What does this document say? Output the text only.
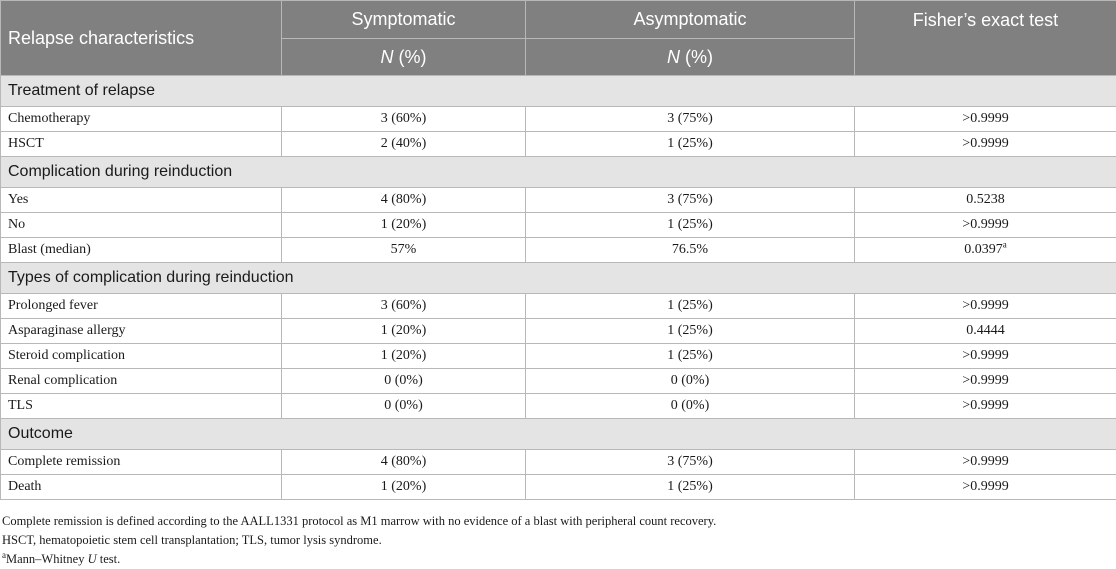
Relapse characteristics	Symptomatic	Asymptomatic	Fisher’s exact test
	N (%)	N (%)	
Treatment of relapse			
Chemotherapy	3 (60%)	3 (75%)	>0.9999
HSCT	2 (40%)	1 (25%)	>0.9999
Complication during reinduction			
Yes	4 (80%)	3 (75%)	0.5238
No	1 (20%)	1 (25%)	>0.9999
Blast (median)	57%	76.5%	0.0397$^a$
Types of complication during reinduction			
Prolonged fever	3 (60%)	1 (25%)	>0.9999
Asparaginase allergy	1 (20%)	1 (25%)	0.4444
Steroid complication	1 (20%)	1 (25%)	>0.9999
Renal complication	0 (0%)	0 (0%)	>0.9999
TLS	0 (0%)	0 (0%)	>0.9999
Outcome			
Complete remission	4 (80%)	3 (75%)	>0.9999
Death	1 (20%)	1 (25%)	>0.9999

Complete remission is defined according to the AALL1331 protocol as M1 marrow with no evidence of a blast with peripheral count recovery.

HSCT, hematopoietic stem cell transplantation; TLS, tumor lysis syndrome.

$^a$Mann–Whitney U test.
